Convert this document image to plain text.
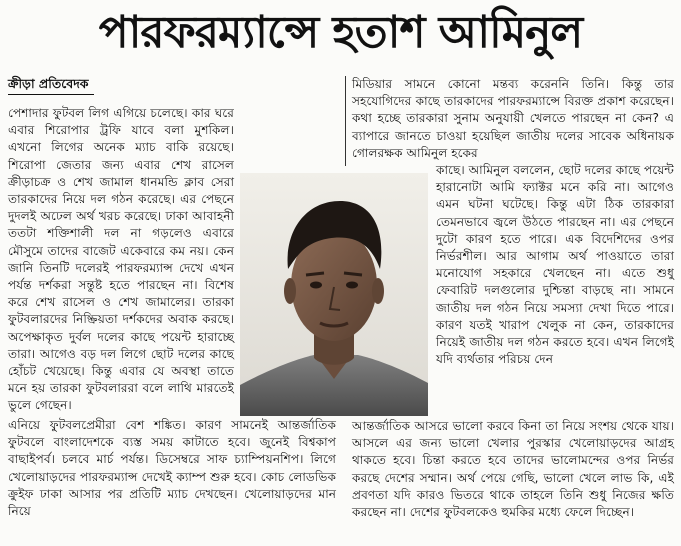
পারফরম্যান্সে হতাশ আমিনুল
ক্রীড়া প্রতিবেদক

পেশাদার ফুটবল লিগ এগিয়ে চলেছে। কার ঘরে এবার শিরোপার ট্রফি যাবে বলা মুশকিল। এখনো লিগের অনেক ম্যাচ বাকি রয়েছে। শিরোপা জেতার জন্য এবার শেখ রাসেল ক্রীড়াচক্র ও শেখ জামাল ধানমন্ডি ক্লাব সেরা তারকাদের নিয়ে দল গঠন করেছে। এর পেছনে দুদলই অঢেল অর্থ খরচ করেছে। ঢাকা আবাহনী ততটা শক্তিশালী দল না গড়লেও এবারে মৌসুমে তাদের বাজেট একেবারে কম নয়। কেন জানি তিনটি দলেরই পারফরম্যান্স দেখে এখন পর্যন্ত দর্শকরা সন্তুষ্ট হতে পারছেন না। বিশেষ করে শেখ রাসেল ও শেখ জামালের। তারকা ফুটবলারদের নিষ্ক্রিয়তা দর্শকদের অবাক করছে। অপেক্ষাকৃত দুর্বল দলের কাছে পয়েন্ট হারাচ্ছে তারা। আগেও বড় দল লিগে ছোট দলের কাছে হোঁচট খেয়েছে। কিন্তু এবার যে অবস্থা তাতে মনে হয় তারকা ফুটবলাররা বলে লাথি মারতেই ভুলে গেছেন।

এনিয়ে ফুটবলপ্রেমীরা বেশ শঙ্কিত। কারণ সামনেই আন্তর্জাতিক ফুটবলে বাংলাদেশকে ব্যস্ত সময় কাটাতে হবে। জুনেই বিশ্বকাপ বাছাইপর্ব। চলবে মার্চ পর্যন্ত। ডিসেম্বরে সাফ চ্যাম্পিয়নশিপ। লিগে খেলোয়াড়দের পারফরম্যান্স দেখেই ক্যাম্প শুরু হবে। কোচ লোডভিক ক্রুইফ ঢাকা আসার পর প্রতিটি ম্যাচ দেখছেন। খেলোয়াড়দের মান নিয়ে

মিডিয়ার সামনে কোনো মন্তব্য করেননি তিনি। কিন্তু তার সহযোগিদের কাছে তারকাদের পারফরম্যান্সে বিরক্ত প্রকাশ করেছেন। কথা হচ্ছে তারকারা সুনাম অনুযায়ী খেলতে পারছেন না কেন? এ ব্যাপারে জানতে চাওয়া হয়েছিল জাতীয় দলের সাবেক অধিনায়ক গোলরক্ষক আমিনুল হকের

কাছে। আমিনুল বললেন, ছোট দলের কাছে পয়েন্ট হারানোটা আমি ফ্যাক্টর মনে করি না। আগেও এমন ঘটনা ঘটেছে। কিন্তু এটা ঠিক তারকারা তেমনভাবে জ্বলে উঠতে পারছেন না। এর পেছনে দুটো কারণ হতে পারে। এক বিদেশিদের ওপর নির্ভরশীল। আর আগাম অর্থ পাওয়াতে তারা মনোযোগ সহকারে খেলছেন না। এতে শুধু ফেবারিট দলগুলোর দুশ্চিন্তা বাড়ছে না। সামনে জাতীয় দল গঠন নিয়ে সমস্যা দেখা দিতে পারে। কারণ যতই খারাপ খেলুক না কেন, তারকাদের নিয়েই জাতীয় দল গঠন করতে হবে। এখন লিগেই যদি ব্যর্থতার পরিচয় দেন

আন্তর্জাতিক আসরে ভালো করবে কিনা তা নিয়ে সংশয় থেকে যায়। আসলে এর জন্য ভালো খেলার পুরস্কার খেলোয়াড়দের আগ্রহ থাকতে হবে। চিন্তা করতে হবে তাদের ভালোমন্দের ওপর নির্ভর করছে দেশের সম্মান। অর্থ পেয়ে গেছি, ভালো খেলে লাভ কি, এই প্রবণতা যদি কারও ভিতরে থাকে তাহলে তিনি শুধু নিজের ক্ষতি করছেন না। দেশের ফুটবলকেও হুমকির মধ্যে ফেলে দিচ্ছেন।
